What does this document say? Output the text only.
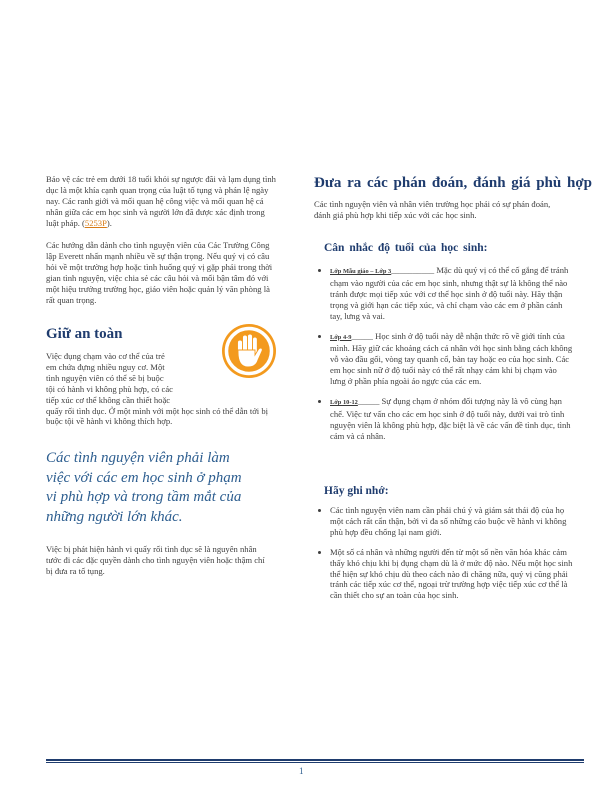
Bảo vệ các trẻ em dưới 18 tuổi khỏi sự ngược đãi và lạm dụng tình dục là một khía cạnh quan trọng của luật tố tụng và phán lệ ngày nay. Các ranh giới và mối quan hệ công việc và mối quan hệ cá nhân giữa các em học sinh và người lớn đã được xác định trong luật pháp. (5253P).

Các hướng dẫn dành cho tình nguyện viên của Các Trường Công lập Everett nhấn mạnh nhiều về sự thận trọng. Nếu quý vị có câu hỏi về một trường hợp hoặc tình huống quý vị gặp phải trong thời gian tình nguyện, việc chia sẻ các câu hỏi và mối bận tâm đó với một hiệu trưởng trường học, giáo viên hoặc quản lý văn phòng là rất quan trọng.

Giữ an toàn

Việc đụng chạm vào cơ thể của trẻ em chứa đựng nhiều nguy cơ. Một tình nguyện viên có thể sẽ bị buộc tội có hành vi không phù hợp, có các
tiếp xúc cơ thể không cần thiết hoặc
quấy rối tình dục. Ở một mình với một học sinh có thể dẫn tới bị buộc tội về hành vi không thích hợp.

Các tình nguyện viên phải làm việc với các em học sinh ở phạm vi phù hợp và trong tầm mắt của những người lớn khác.

Việc bị phát hiện hành vi quấy rối tình dục sẽ là nguyên nhân tước đi các đặc quyền dành cho tình nguyện viên hoặc thậm chí bị đưa ra tố tụng.

Đưa ra các phán đoán, đánh giá phù hợp

Các tình nguyện viên và nhân viên trường học phải có sự phán đoán, đánh giá phù hợp khi tiếp xúc với các học sinh.

Cân nhắc độ tuổi của học sinh:
• Lớp Mẫu giáo – Lớp 3__________ Mặc dù quý vị có thể cố gắng để tránh chạm vào người của các em học sinh, nhưng thật sự là không thể nào tránh được mọi tiếp xúc với cơ thể học sinh ở độ tuổi này. Hãy thận trọng và giới hạn các tiếp xúc, và chỉ chạm vào các em ở phần cánh tay, lưng và vai.
• Lớp 4-9_____ Học sinh ở độ tuổi này dễ nhận thức rõ về giới tính của mình. Hãy giữ các khoảng cách cá nhân với học sinh bằng cách không vỗ vào đầu gối, vòng tay quanh cổ, bàn tay hoặc eo của học sinh. Các em học sinh nữ ở độ tuổi này có thể rất nhạy cảm khi bị chạm vào lưng ở phần phía ngoài áo ngực của các em.
• Lớp 10-12_____ Sự đụng chạm ở nhóm đối tượng này là vô cùng hạn chế. Việc tư vấn cho các em học sinh ở độ tuổi này, dưới vai trò tình nguyện viên là không phù hợp, đặc biệt là về các vấn đề tình dục, tình cảm và cá nhân.
Hãy ghi nhớ:
• Các tình nguyện viên nam cần phải chú ý và giám sát thái độ của họ một cách rất cẩn thận, bởi vì đa số những cáo buộc về hành vi không phù hợp đều chống lại nam giới.
• Một số cá nhân và những người đến từ một số nền văn hóa khác cảm thấy khó chịu khi bị đụng chạm dù là ở mức độ nào. Nếu một học sinh thể hiện sự khó chịu dù theo cách nào đi chăng nữa, quý vị cũng phải tránh các tiếp xúc cơ thể, ngoại trừ trường hợp việc tiếp xúc cơ thể là cần thiết cho sự an toàn của học sinh.
1
